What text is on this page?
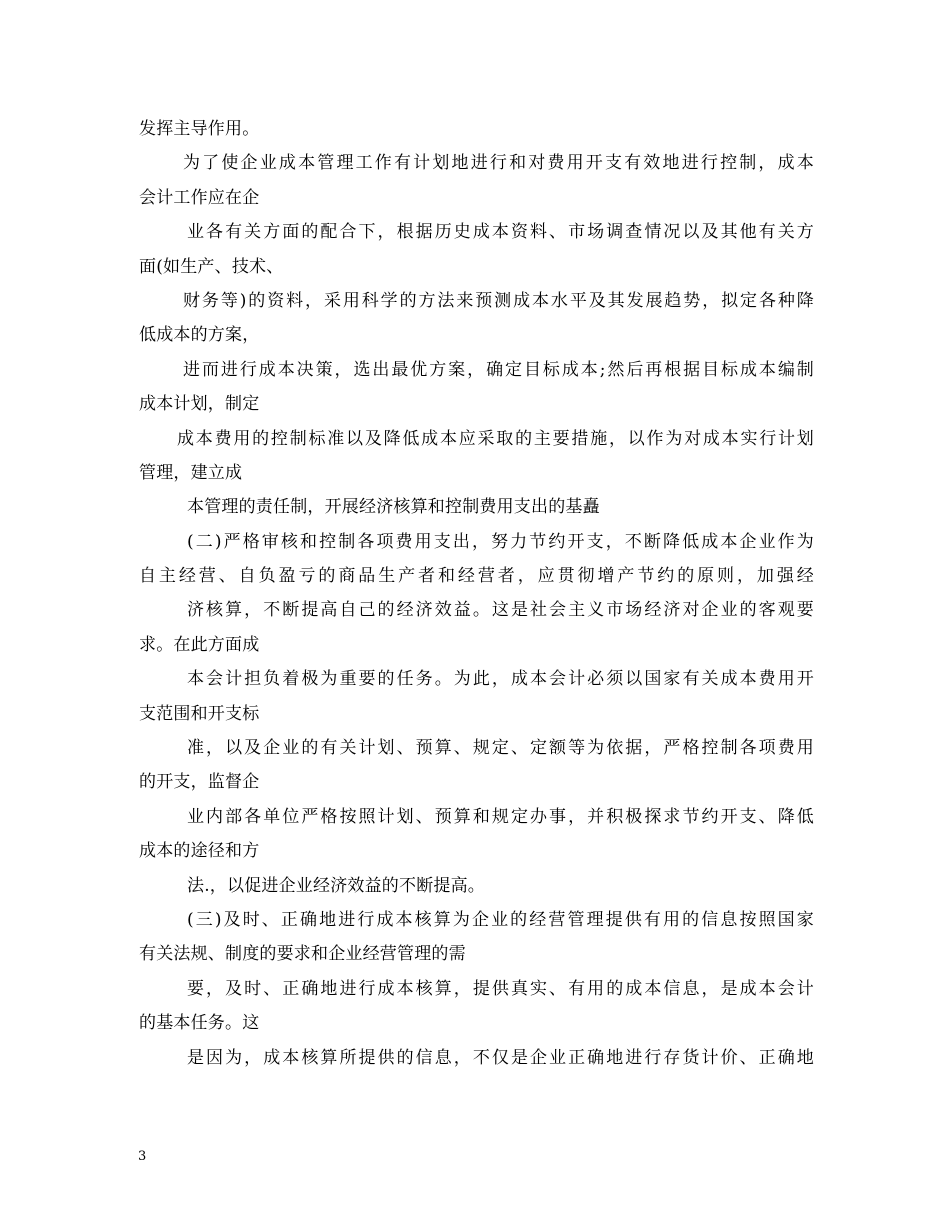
发挥主导作用。
为了使企业成本管理工作有计划地进行和对费用开支有效地进行控制，成本
会计工作应在企
业各有关方面的配合下，根据历史成本资料、市场调查情况以及其他有关方
面(如生产、技术、
财务等)的资料，采用科学的方法来预测成本水平及其发展趋势，拟定各种降
低成本的方案，
进而进行成本决策，选出最优方案，确定目标成本;然后再根据目标成本编制
成本计划，制定
成本费用的控制标准以及降低成本应采取的主要措施，以作为对成本实行计划
管理，建立成
本管理的责任制，开展经济核算和控制费用支出的基矗
(二)严格审核和控制各项费用支出，努力节约开支，不断降低成本企业作为
自主经营、自负盈亏的商品生产者和经营者，应贯彻增产节约的原则，加强经
济核算，不断提高自己的经济效益。这是社会主义市场经济对企业的客观要
求。在此方面成
本会计担负着极为重要的任务。为此，成本会计必须以国家有关成本费用开
支范围和开支标
准，以及企业的有关计划、预算、规定、定额等为依据，严格控制各项费用
的开支，监督企
业内部各单位严格按照计划、预算和规定办事，并积极探求节约开支、降低
成本的途径和方
法.，以促进企业经济效益的不断提高。
(三)及时、正确地进行成本核算为企业的经营管理提供有用的信息按照国家
有关法规、制度的要求和企业经营管理的需
要，及时、正确地进行成本核算，提供真实、有用的成本信息，是成本会计
的基本任务。这
是因为，成本核算所提供的信息，不仅是企业正确地进行存货计价、正确地
3
